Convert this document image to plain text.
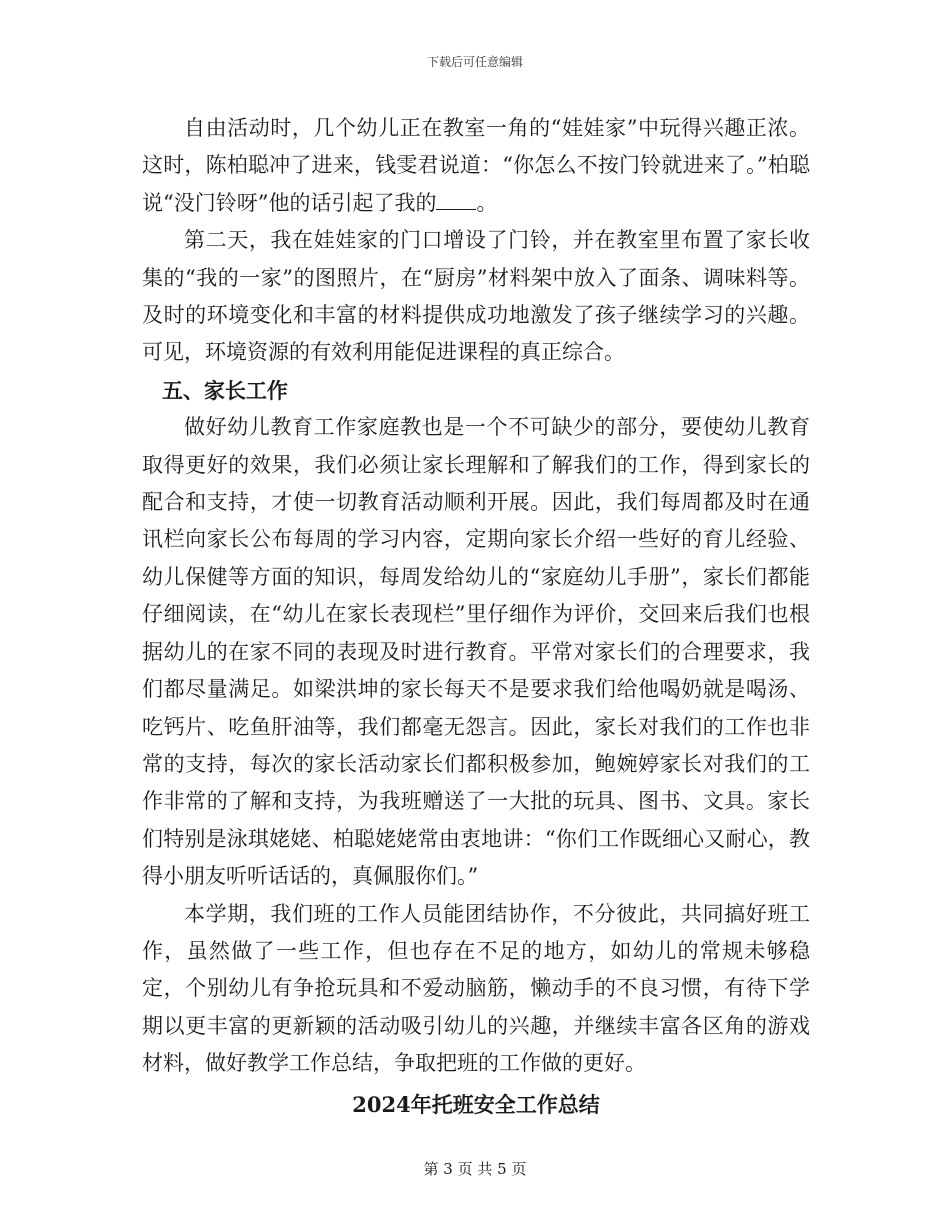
下载后可任意编辑

自由活动时，几个幼儿正在教室一角的“娃娃家”中玩得兴趣正浓。这时，陈柏聪冲了进来，钱雯君说道：“你怎么不按门铃就进来了。”柏聪说“没门铃呀”他的话引起了我的 。

第二天，我在娃娃家的门口增设了门铃，并在教室里布置了家长收集的“我的一家”的图照片，在“厨房”材料架中放入了面条、调味料等。及时的环境变化和丰富的材料提供成功地激发了孩子继续学习的兴趣。可见，环境资源的有效利用能促进课程的真正综合。

五、家长工作

做好幼儿教育工作家庭教也是一个不可缺少的部分，要使幼儿教育取得更好的效果，我们必须让家长理解和了解我们的工作，得到家长的配合和支持，才使一切教育活动顺利开展。因此，我们每周都及时在通讯栏向家长公布每周的学习内容，定期向家长介绍一些好的育儿经验、幼儿保健等方面的知识，每周发给幼儿的“家庭幼儿手册”，家长们都能仔细阅读，在“幼儿在家长表现栏”里仔细作为评价，交回来后我们也根据幼儿的在家不同的表现及时进行教育。平常对家长们的合理要求，我们都尽量满足。如梁洪坤的家长每天不是要求我们给他喝奶就是喝汤、吃钙片、吃鱼肝油等，我们都毫无怨言。因此，家长对我们的工作也非常的支持，每次的家长活动家长们都积极参加，鲍婉婷家长对我们的工作非常的了解和支持，为我班赠送了一大批的玩具、图书、文具。家长们特别是泳琪姥姥、柏聪姥姥常由衷地讲：“你们工作既细心又耐心，教得小朋友听听话话的，真佩服你们。”

本学期，我们班的工作人员能团结协作，不分彼此，共同搞好班工作，虽然做了一些工作，但也存在不足的地方，如幼儿的常规未够稳定，个别幼儿有争抢玩具和不爱动脑筋，懒动手的不良习惯，有待下学期以更丰富的更新颖的活动吸引幼儿的兴趣，并继续丰富各区角的游戏材料，做好教学工作总结，争取把班的工作做的更好。

2024年托班安全工作总结

第 3 页 共 5 页
